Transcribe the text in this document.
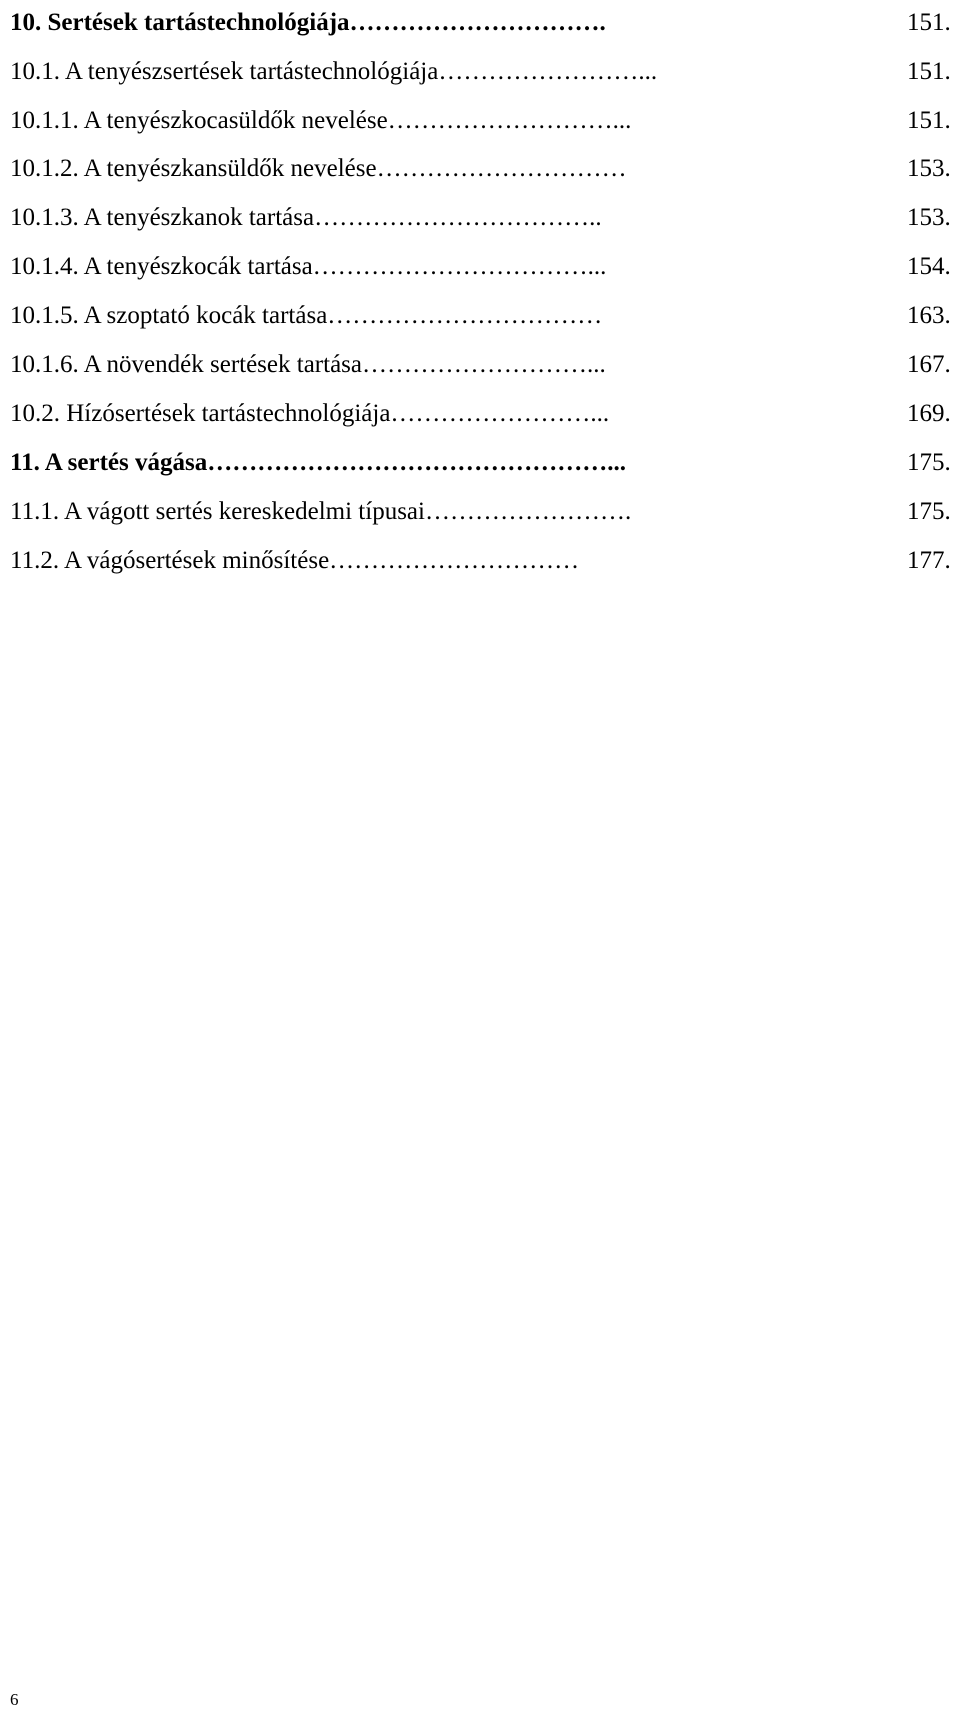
10. Sertések tartástechnológiája………………………….	151.
10.1. A tenyészsertések tartástechnológiája……………………...	151.
10.1.1. A tenyészkocasüldők nevelése………………………...	151.
10.1.2. A tenyészkansüldők nevelése…………………………	153.
10.1.3. A tenyészkanok tartása……………………………..	153.
10.1.4. A tenyészkocák tartása……………………………...	154.
10.1.5. A szoptató kocák tartása……………………………	163.
10.1.6. A növendék sertések tartása………………………...	167.
10.2. Hízósertések tartástechnológiája……………………...	169.
11. A sertés vágása…………………………………………...	175.
11.1. A vágott sertés kereskedelmi típusai…………………….	175.
11.2. A vágósertések minősítése…………………………	177.
6
